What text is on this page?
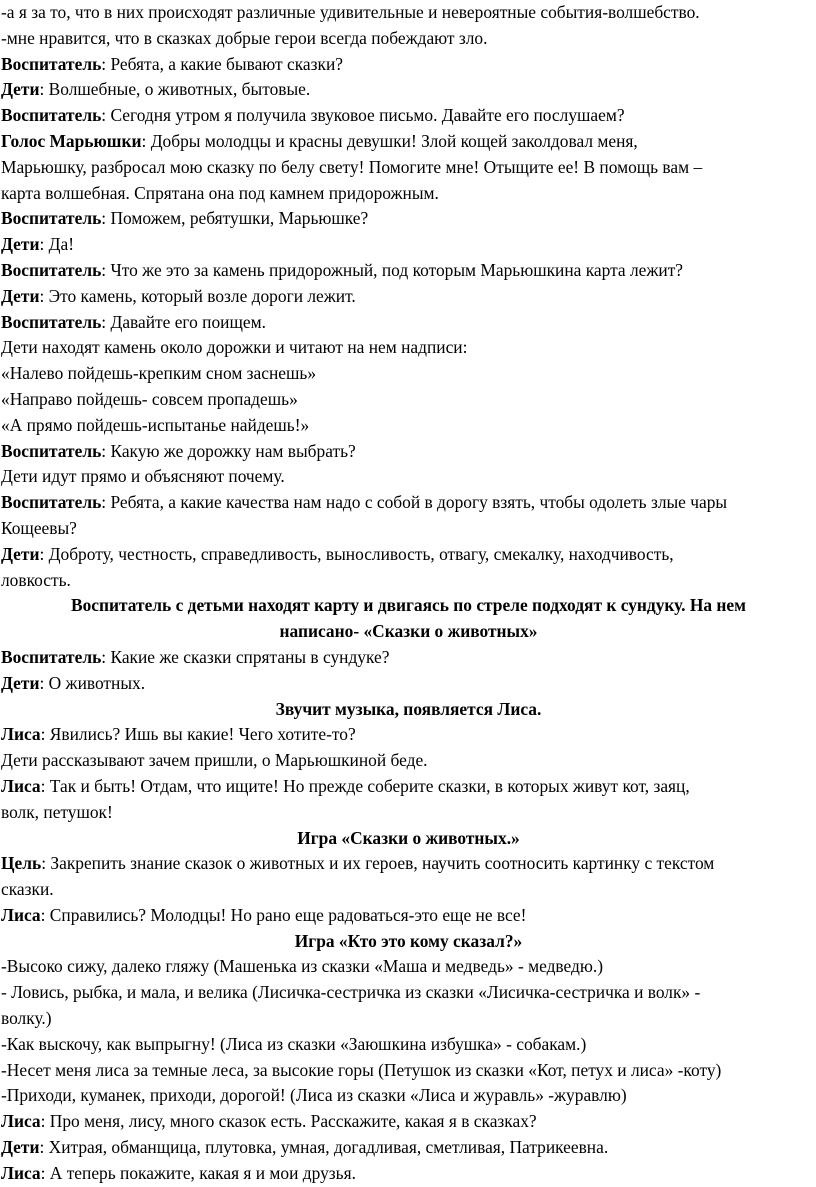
-а я за то, что в них происходят различные удивительные и невероятные события-волшебство.
-мне нравится, что в сказках добрые герои всегда побеждают зло.
Воспитатель: Ребята, а какие бывают сказки?
Дети: Волшебные, о животных, бытовые.
Воспитатель: Сегодня утром я получила звуковое письмо. Давайте его послушаем?
Голос Марьюшки: Добры молодцы и красны девушки! Злой кощей заколдовал меня,
Марьюшку, разбросал мою сказку по белу свету! Помогите мне! Отыщите ее! В помощь вам –
карта волшебная. Спрятана она под камнем придорожным.
Воспитатель: Поможем, ребятушки, Марьюшке?
Дети: Да!
Воспитатель: Что же это за камень придорожный, под которым Марьюшкина карта лежит?
Дети: Это камень, который возле дороги лежит.
Воспитатель: Давайте его поищем.
Дети находят камень около дорожки и читают на нем надписи:
«Налево пойдешь-крепким сном заснешь»
«Направо пойдешь- совсем пропадешь»
«А прямо пойдешь-испытанье найдешь!»
Воспитатель: Какую же дорожку нам выбрать?
Дети идут прямо и объясняют почему.
Воспитатель: Ребята, а какие качества нам надо с собой в дорогу взять, чтобы одолеть злые чары
Кощеевы?
Дети: Доброту, честность, справедливость, выносливость, отвагу, смекалку, находчивость,
ловкость.
Воспитатель с детьми находят карту и двигаясь по стреле подходят к сундуку. На нем
написано- «Сказки о животных»
Воспитатель: Какие же сказки спрятаны в сундуке?
Дети: О животных.
Звучит музыка, появляется Лиса.
Лиса: Явились? Ишь вы какие! Чего хотите-то?
Дети рассказывают зачем пришли, о Марьюшкиной беде.
Лиса: Так и быть! Отдам, что ищите! Но прежде соберите сказки, в которых живут кот, заяц,
волк, петушок!
Игра «Сказки о животных.»
Цель: Закрепить знание сказок о животных и их героев, научить соотносить картинку с текстом
сказки.
Лиса: Справились? Молодцы! Но рано еще радоваться-это еще не все!
Игра «Кто это кому сказал?»
-Высоко сижу, далеко гляжу (Машенька из сказки «Маша и медведь» - медведю.)
- Ловись, рыбка, и мала, и велика (Лисичка-сестричка из сказки «Лисичка-сестричка и волк» -
волку.)
-Как выскочу, как выпрыгну! (Лиса из сказки «Заюшкина избушка» - собакам.)
-Несет меня лиса за темные леса, за высокие горы (Петушок из сказки «Кот, петух и лиса» -коту)
-Приходи, куманек, приходи, дорогой! (Лиса из сказки «Лиса и журавль» -журавлю)
Лиса: Про меня, лису, много сказок есть. Расскажите, какая я в сказках?
Дети: Хитрая, обманщица, плутовка, умная, догадливая, сметливая, Патрикеевна.
Лиса: А теперь покажите, какая я и мои друзья.
